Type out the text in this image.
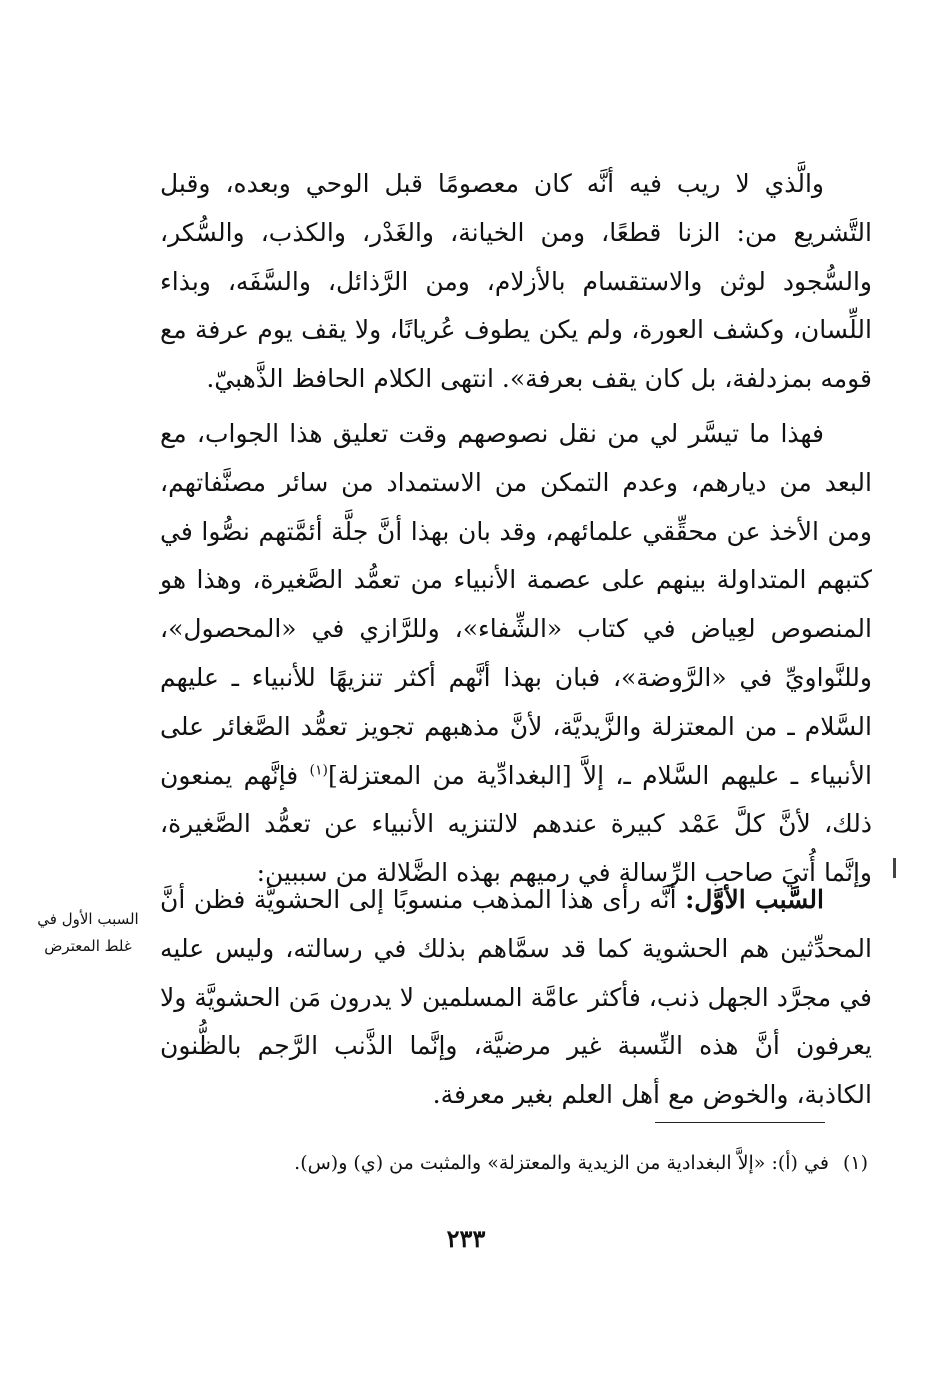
والَّذي لا ريب فيه أنَّه كان معصومًا قبل الوحي وبعده، وقبل التَّشريع من: الزنا قطعًا، ومن الخيانة، والغَدْر، والكذب، والسُّكر، والسُّجود لوثن والاستقسام بالأزلام، ومن الرَّذائل، والسَّفَه، وبذاء اللِّسان، وكشف العورة، ولم يكن يطوف عُريانًا، ولا يقف يوم عرفة مع قومه بمزدلفة، بل كان يقف بعرفة». انتهى الكلام الحافظ الذَّهبيّ.

فهذا ما تيسَّر لي من نقل نصوصهم وقت تعليق هذا الجواب، مع البعد من ديارهم، وعدم التمكن من الاستمداد من سائر مصنَّفاتهم، ومن الأخذ عن محقِّقي علمائهم، وقد بان بهذا أنَّ جلَّة أئمَّتهم نصُّوا في كتبهم المتداولة بينهم على عصمة الأنبياء من تعمُّد الصَّغيرة، وهذا هو المنصوص لعِياض في كتاب «الشِّفاء»، وللرَّازي في «المحصول»، وللنَّواويِّ في «الرَّوضة»، فبان بهذا أنَّهم أكثر تنزيهًا للأنبياء ـ عليهم السَّلام ـ من المعتزلة والزَّيديَّة، لأنَّ مذهبهم تجويز تعمُّد الصَّغائر على الأنبياء ـ عليهم السَّلام ـ، إلاَّ [البغدادِّية من المعتزلة]$^{(١)}$ فإنَّهم يمنعون ذلك، لأنَّ كلَّ عَمْد كبيرة عندهم لالتنزيه الأنبياء عن تعمُّد الصَّغيرة، وإنَّما أُتيَ صاحب الرِّسالة في رميهم بهذه الضَّلالة من سببين:

السَّبب الأوَّل: أنَّه رأى هذا المذهب منسوبًا إلى الحشويَّة فظن أنَّ المحدِّثين هم الحشوية كما قد سمَّاهم بذلك في رسالته، وليس عليه في مجرَّد الجهل ذنب، فأكثر عامَّة المسلمين لا يدرون مَن الحشويَّة ولا يعرفون أنَّ هذه النِّسبة غير مرضيَّة، وإنَّما الذَّنب الرَّجم بالظُّنون الكاذبة، والخوض مع أهل العلم بغير معرفة.

السبب الأول في غلط المعترض

(١)في (أ): «إلاَّ البغدادية من الزيدية والمعتزلة» والمثبت من (ي) و(س).

٢٣٣
